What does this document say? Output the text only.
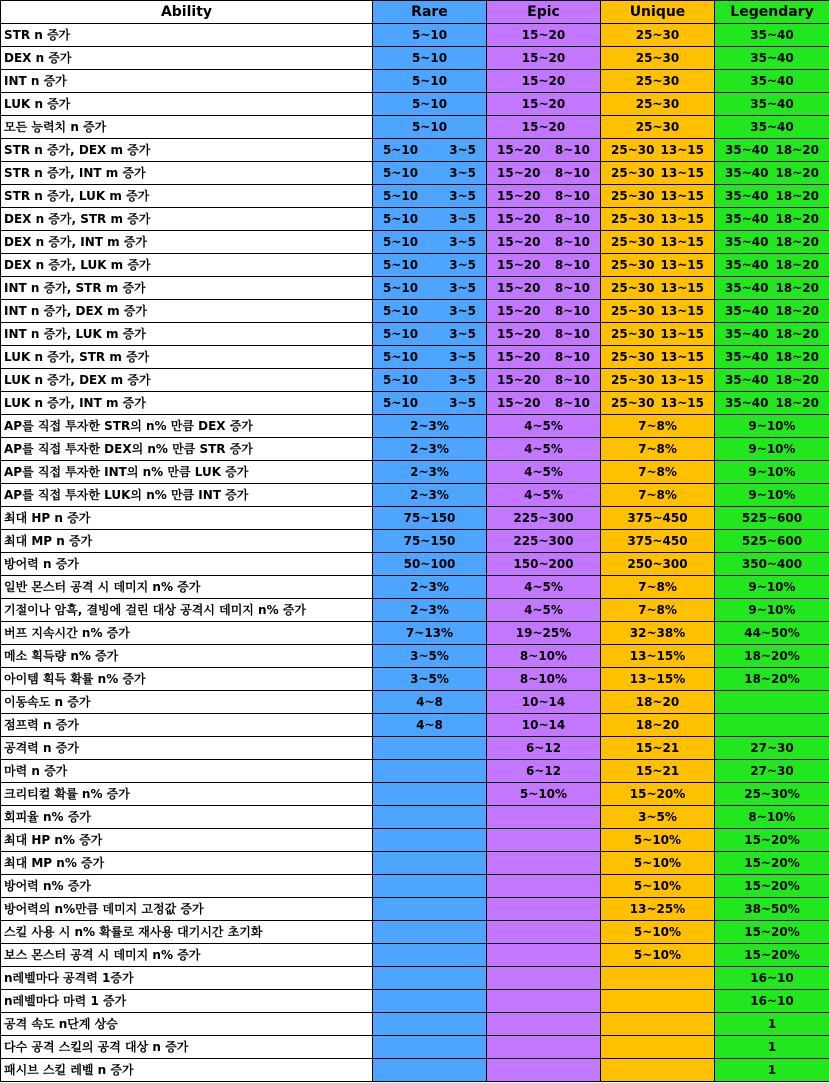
Ability	Rare	Epic	Unique	Legendary
STR n 증가	5~10	15~20	25~30	35~40

DEX n 증가	5~10	15~20	25~30	35~40

INT n 증가	5~10	15~20	25~30	35~40

LUK n 증가	5~10	15~20	25~30	35~40

모든 능력치 n 증가	5~10	15~20	25~30	35~40

STR n 증가, DEX m 증가	5~10 3~5	15~20 8~10	25~30 13~15	35~40 18~20

STR n 증가, INT m 증가	5~10 3~5	15~20 8~10	25~30 13~15	35~40 18~20

STR n 증가, LUK m 증가	5~10 3~5	15~20 8~10	25~30 13~15	35~40 18~20

DEX n 증가, STR m 증가	5~10 3~5	15~20 8~10	25~30 13~15	35~40 18~20

DEX n 증가, INT m 증가	5~10 3~5	15~20 8~10	25~30 13~15	35~40 18~20

DEX n 증가, LUK m 증가	5~10 3~5	15~20 8~10	25~30 13~15	35~40 18~20

INT n 증가, STR m 증가	5~10 3~5	15~20 8~10	25~30 13~15	35~40 18~20

INT n 증가, DEX m 증가	5~10 3~5	15~20 8~10	25~30 13~15	35~40 18~20

INT n 증가, LUK m 증가	5~10 3~5	15~20 8~10	25~30 13~15	35~40 18~20

LUK n 증가, STR m 증가	5~10 3~5	15~20 8~10	25~30 13~15	35~40 18~20

LUK n 증가, DEX m 증가	5~10 3~5	15~20 8~10	25~30 13~15	35~40 18~20

LUK n 증가, INT m 증가	5~10 3~5	15~20 8~10	25~30 13~15	35~40 18~20

AP를 직접 투자한 STR의 n% 만큼 DEX 증가	2~3%	4~5%	7~8%	9~10%

AP를 직접 투자한 DEX의 n% 만큼 STR 증가	2~3%	4~5%	7~8%	9~10%

AP를 직접 투자한 INT의 n% 만큼 LUK 증가	2~3%	4~5%	7~8%	9~10%

AP를 직접 투자한 LUK의 n% 만큼 INT 증가	2~3%	4~5%	7~8%	9~10%

최대 HP n 증가	75~150	225~300	375~450	525~600

최대 MP n 증가	75~150	225~300	375~450	525~600

방어력 n 증가	50~100	150~200	250~300	350~400

일반 몬스터 공격 시 데미지 n% 증가	2~3%	4~5%	7~8%	9~10%

기절이나 암흑, 결빙에 걸린 대상 공격시 데미지 n% 증가	2~3%	4~5%	7~8%	9~10%

버프 지속시간 n% 증가	7~13%	19~25%	32~38%	44~50%

메소 획득량 n% 증가	3~5%	8~10%	13~15%	18~20%

아이템 획득 확률 n% 증가	3~5%	8~10%	13~15%	18~20%

이동속도 n 증가	4~8	10~14	18~20	

점프력 n 증가	4~8	10~14	18~20	

공격력 n 증가		6~12	15~21	27~30

마력 n 증가		6~12	15~21	27~30

크리티컬 확률 n% 증가		5~10%	15~20%	25~30%

회피율 n% 증가			3~5%	8~10%

최대 HP n% 증가			5~10%	15~20%

최대 MP n% 증가			5~10%	15~20%

방어력 n% 증가			5~10%	15~20%

방어력의 n%만큼 데미지 고정값 증가			13~25%	38~50%

스킬 사용 시 n% 확률로 재사용 대기시간 초기화			5~10%	15~20%

보스 몬스터 공격 시 데미지 n% 증가			5~10%	15~20%

n레벨마다 공격력 1증가				16~10

n레벨마다 마력 1 증가				16~10

공격 속도 n단계 상승				1

다수 공격 스킬의 공격 대상 n 증가				1

패시브 스킬 레벨 n 증가				1
